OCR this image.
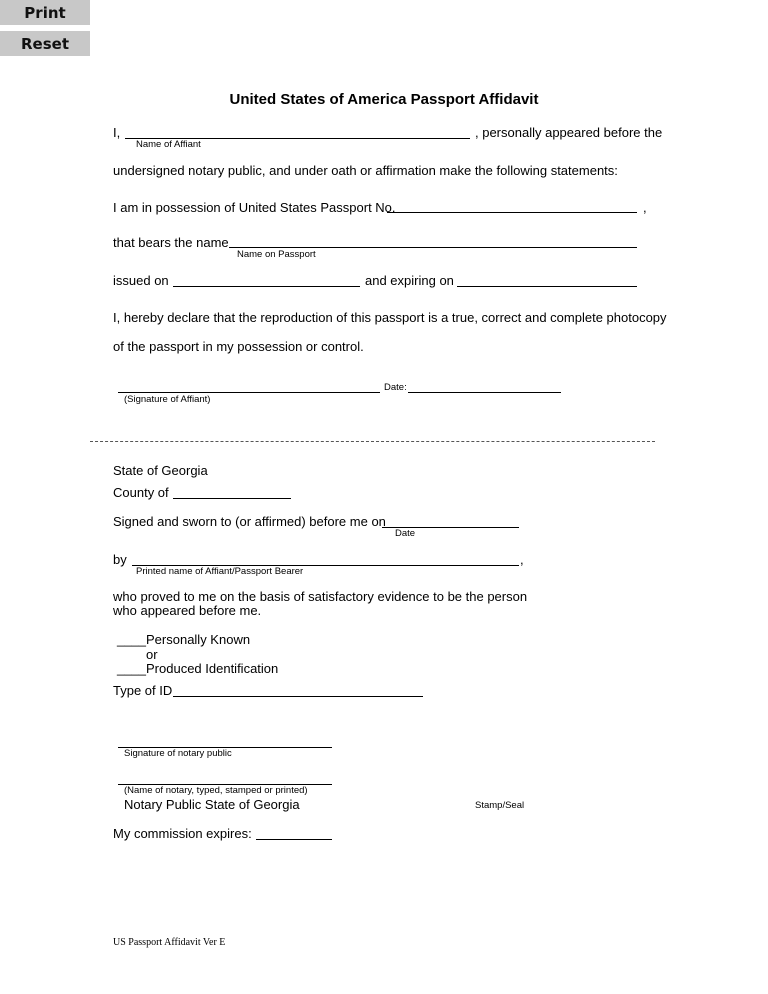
Print
Reset
United States of America Passport Affidavit
I,
Name of Affiant
, personally appeared before the
undersigned notary public, and under oath or affirmation make the following statements:
I am in possession of United States Passport No.	,
that bears the name
Name on Passport
issued on	and expiring on
I, hereby declare that the reproduction of this passport is a true, correct and complete photocopy
of the passport in my possession or control.
Date:
(Signature of Affiant)
State of Georgia
County of
Signed and sworn to (or affirmed) before me on
Date
by	,
Printed name of Affiant/Passport Bearer
who proved to me on the basis of satisfactory evidence to be the person
who appeared before me.
____ Personally Known
or
____ Produced Identification
Type of ID
Signature of notary public
(Name of notary, typed, stamped or printed)
Notary Public State of Georgia	Stamp/Seal
My commission expires:
US Passport Affidavit Ver E
